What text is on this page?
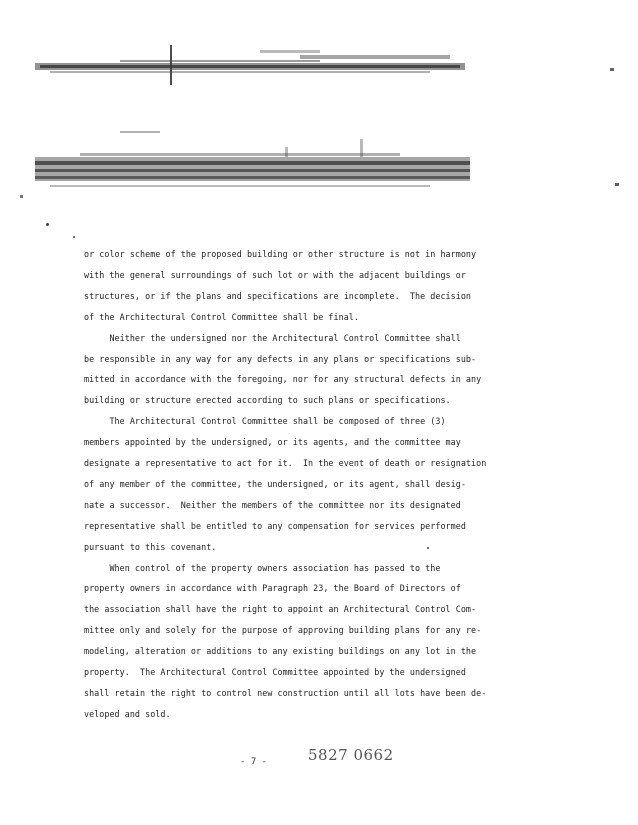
or color scheme of the proposed building or other structure is not in harmony
with the general surroundings of such lot or with the adjacent buildings or
structures, or if the plans and specifications are incomplete.  The decision
of the Architectural Control Committee shall be final.
Neither the undersigned nor the Architectural Control Committee shall
be responsible in any way for any defects in any plans or specifications sub-
mitted in accordance with the foregoing, nor for any structural defects in any
building or structure erected according to such plans or specifications.
The Architectural Control Committee shall be composed of three (3)
members appointed by the undersigned, or its agents, and the committee may
designate a representative to act for it.  In the event of death or resignation
of any member of the committee, the undersigned, or its agent, shall desig-
nate a successor.  Neither the members of the committee nor its designated
representative shall be entitled to any compensation for services performed
pursuant to this covenant.
When control of the property owners association has passed to the
property owners in accordance with Paragraph 23, the Board of Directors of
the association shall have the right to appoint an Architectural Control Com-
mittee only and solely for the purpose of approving building plans for any re-
modeling, alteration or additions to any existing buildings on any lot in the
property.  The Architectural Control Committee appointed by the undersigned
shall retain the right to control new construction until all lots have been de-
veloped and sold.
- 7 -	5827 0662
